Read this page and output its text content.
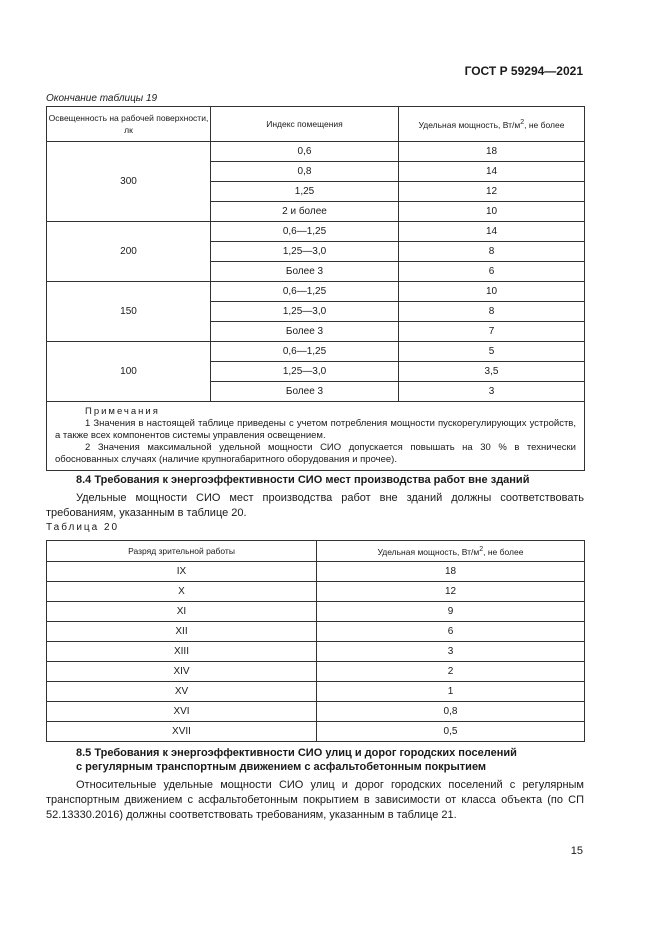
ГОСТ Р 59294—2021
Окончание таблицы 19
Освещенность на рабочей поверхности, лк	Индекс помещения	Удельная мощность, $Вт/м^2$, не более
300	0,6	18
	0,8	14
	1,25	12
	2 и более	10
200	0,6—1,25	14
	1,25—3,0	8
	Более 3	6
150	0,6—1,25	10
	1,25—3,0	8
	Более 3	7
100	0,6—1,25	5
	1,25—3,0	3,5
	Более 3	3

Примечания

1 Значения в настоящей таблице приведены с учетом потребления мощности пускорегулирующих устройств, а также всех компонентов системы управления освещением.

2 Значения максимальной удельной мощности СИО допускается повышать на 30 % в технически обоснованных случаях (наличие крупногабаритного оборудования и прочее).		

8.4 Требования к энергоэффективности СИО мест производства работ вне зданий
Удельные мощности СИО мест производства работ вне зданий должны соответствовать требованиям, указанным в таблице 20.
Таблица 20
Разряд зрительной работы	Удельная мощность, $Вт/м^2$, не более
IX	18
X	12
XI	9
XII	6
XIII	3
XIV	2
XV	1
XVI	0,8
XVII	0,5
8.5 Требования к энергоэффективности СИО улиц и дорог городских поселений
с регулярным транспортным движением с асфальтобетонным покрытием
Относительные удельные мощности СИО улиц и дорог городских поселений с регулярным транспортным движением с асфальтобетонным покрытием в зависимости от класса объекта (по СП 52.13330.2016) должны соответствовать требованиям, указанным в таблице 21.
15
